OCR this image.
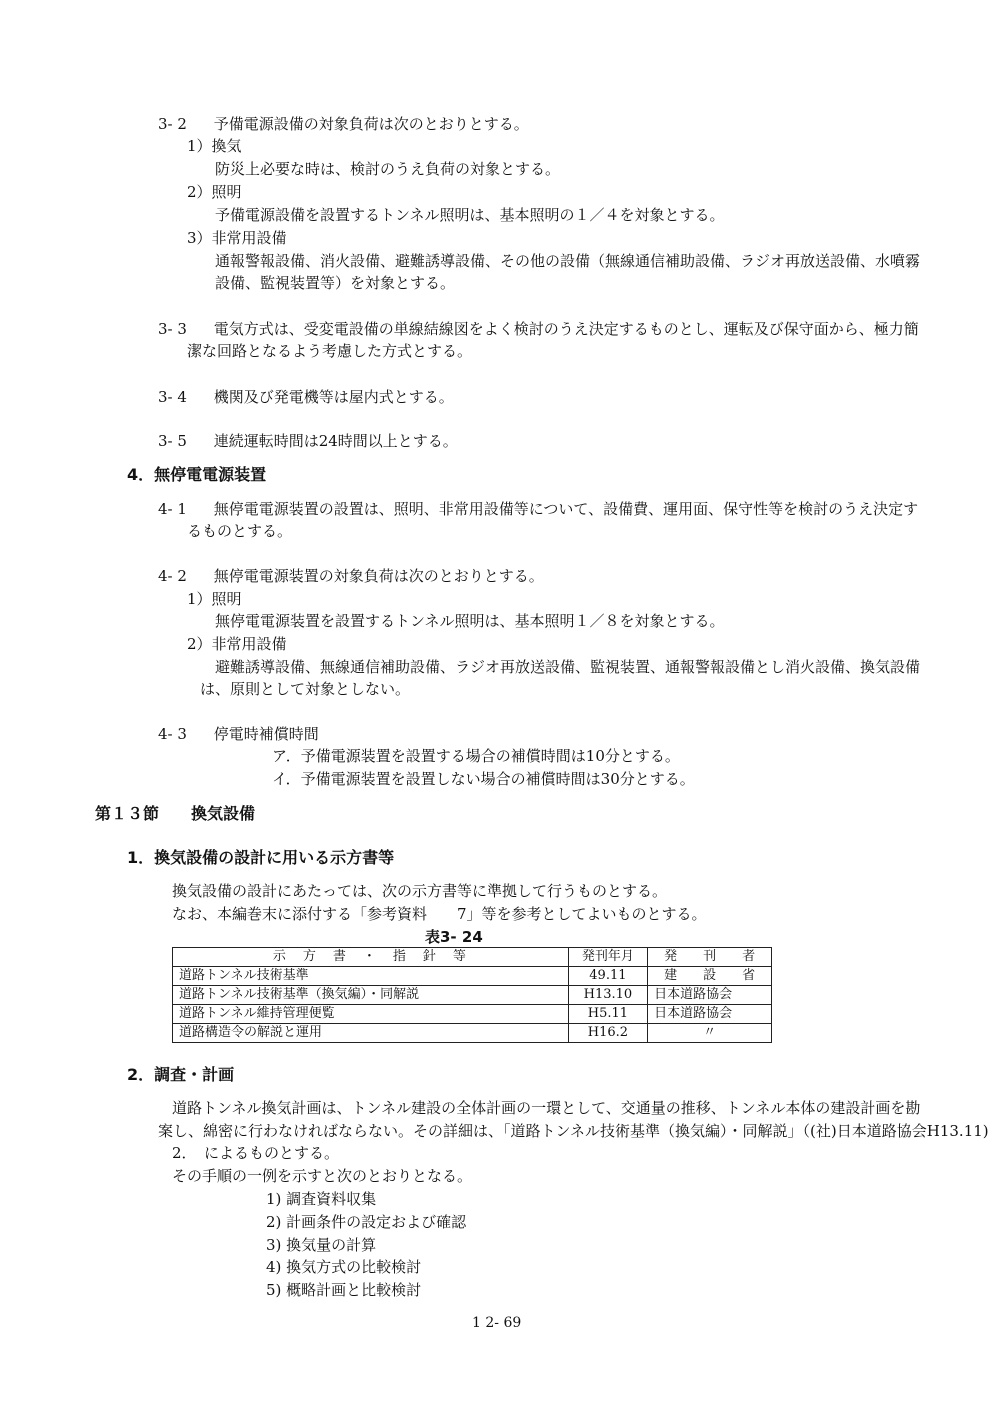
3- 2 予備電源設備の対象負荷は次のとおりとする。
1）換気
防災上必要な時は、検討のうえ負荷の対象とする。
2）照明
予備電源設備を設置するトンネル照明は、基本照明の１／４を対象とする。
3）非常用設備
通報警報設備、消火設備、避難誘導設備、その他の設備（無線通信補助設備、ラジオ再放送設備、水噴霧
設備、監視装置等）を対象とする。
3- 3 電気方式は、受変電設備の単線結線図をよく検討のうえ決定するものとし、運転及び保守面から、極力簡
潔な回路となるよう考慮した方式とする。
3- 4 機関及び発電機等は屋内式とする。
3- 5 連続運転時間は24時間以上とする。
4．無停電電源装置
4- 1 無停電電源装置の設置は、照明、非常用設備等について、設備費、運用面、保守性等を検討のうえ決定す
るものとする。
4- 2 無停電電源装置の対象負荷は次のとおりとする。
1）照明
無停電電源装置を設置するトンネル照明は、基本照明１／８を対象とする。
2）非常用設備
避難誘導設備、無線通信補助設備、ラジオ再放送設備、監視装置、通報警報設備とし消火設備、換気設備
は、原則として対象としない。
4- 3 停電時補償時間
ア．予備電源装置を設置する場合の補償時間は10分とする。
イ．予備電源装置を設置しない場合の補償時間は30分とする。
第１３節　　換気設備
1．換気設備の設計に用いる示方書等
換気設備の設計にあたっては、次の示方書等に準拠して行うものとする。
なお、本編巻末に添付する「参考資料　　7」等を参考としてよいものとする。
表3- 24
示　方　書　・　指　針　等	発刊年月	発　　刊　　者
道路トンネル技術基準	49.11	建　　設　　省
道路トンネル技術基準（換気編）・同解説	H13.10	日本道路協会
道路トンネル維持管理便覧	H5.11	日本道路協会
道路構造令の解説と運用	H16.2	〃
2．調査・計画
道路トンネル換気計画は、トンネル建設の全体計画の一環として、交通量の推移、トンネル本体の建設計画を勘
案し、綿密に行わなければならない。その詳細は、「道路トンネル技術基準（換気編）・同解説」（(社)日本道路協会H13.11)
2．　によるものとする。
その手順の一例を示すと次のとおりとなる。
1) 調査資料収集
2) 計画条件の設定および確認
3) 換気量の計算
4) 換気方式の比較検討
5) 概略計画と比較検討
1 2- 69
